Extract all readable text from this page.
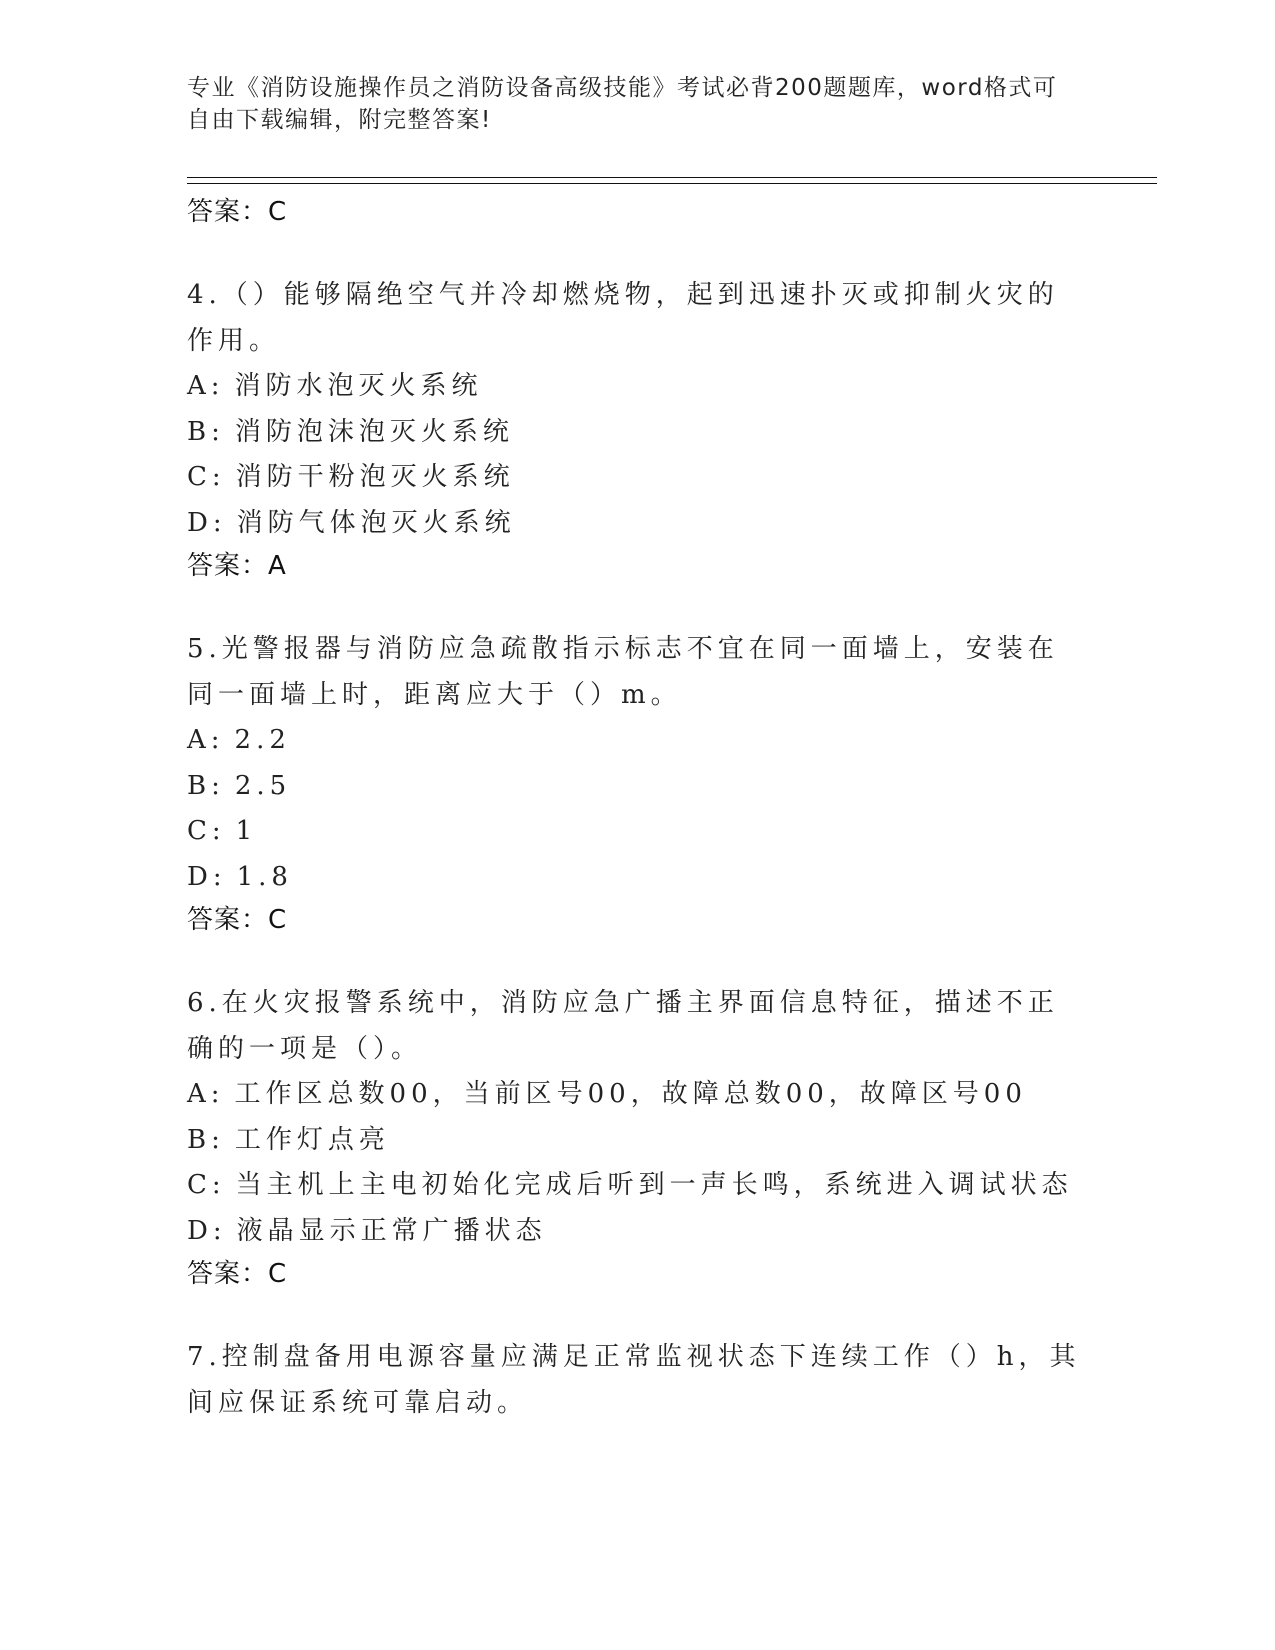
专业《消防设施操作员之消防设备高级技能》考试必背200题题库，word格式可自由下载编辑，附完整答案!

答案：C

4.（）能够隔绝空气并冷却燃烧物，起到迅速扑灭或抑制火灾的作用。

A: 消防水泡灭火系统

B: 消防泡沫泡灭火系统

C: 消防干粉泡灭火系统

D: 消防气体泡灭火系统

答案：A

5.光警报器与消防应急疏散指示标志不宜在同一面墙上，安装在同一面墙上时，距离应大于（）m。

A: 2.2

B: 2.5

C: 1

D: 1.8

答案：C

6.在火灾报警系统中，消防应急广播主界面信息特征，描述不正确的一项是（）。

A: 工作区总数00，当前区号00，故障总数00，故障区号00

B: 工作灯点亮

C: 当主机上主电初始化完成后听到一声长鸣，系统进入调试状态

D: 液晶显示正常广播状态

答案：C

7.控制盘备用电源容量应满足正常监视状态下连续工作（）h，其间应保证系统可靠启动。
